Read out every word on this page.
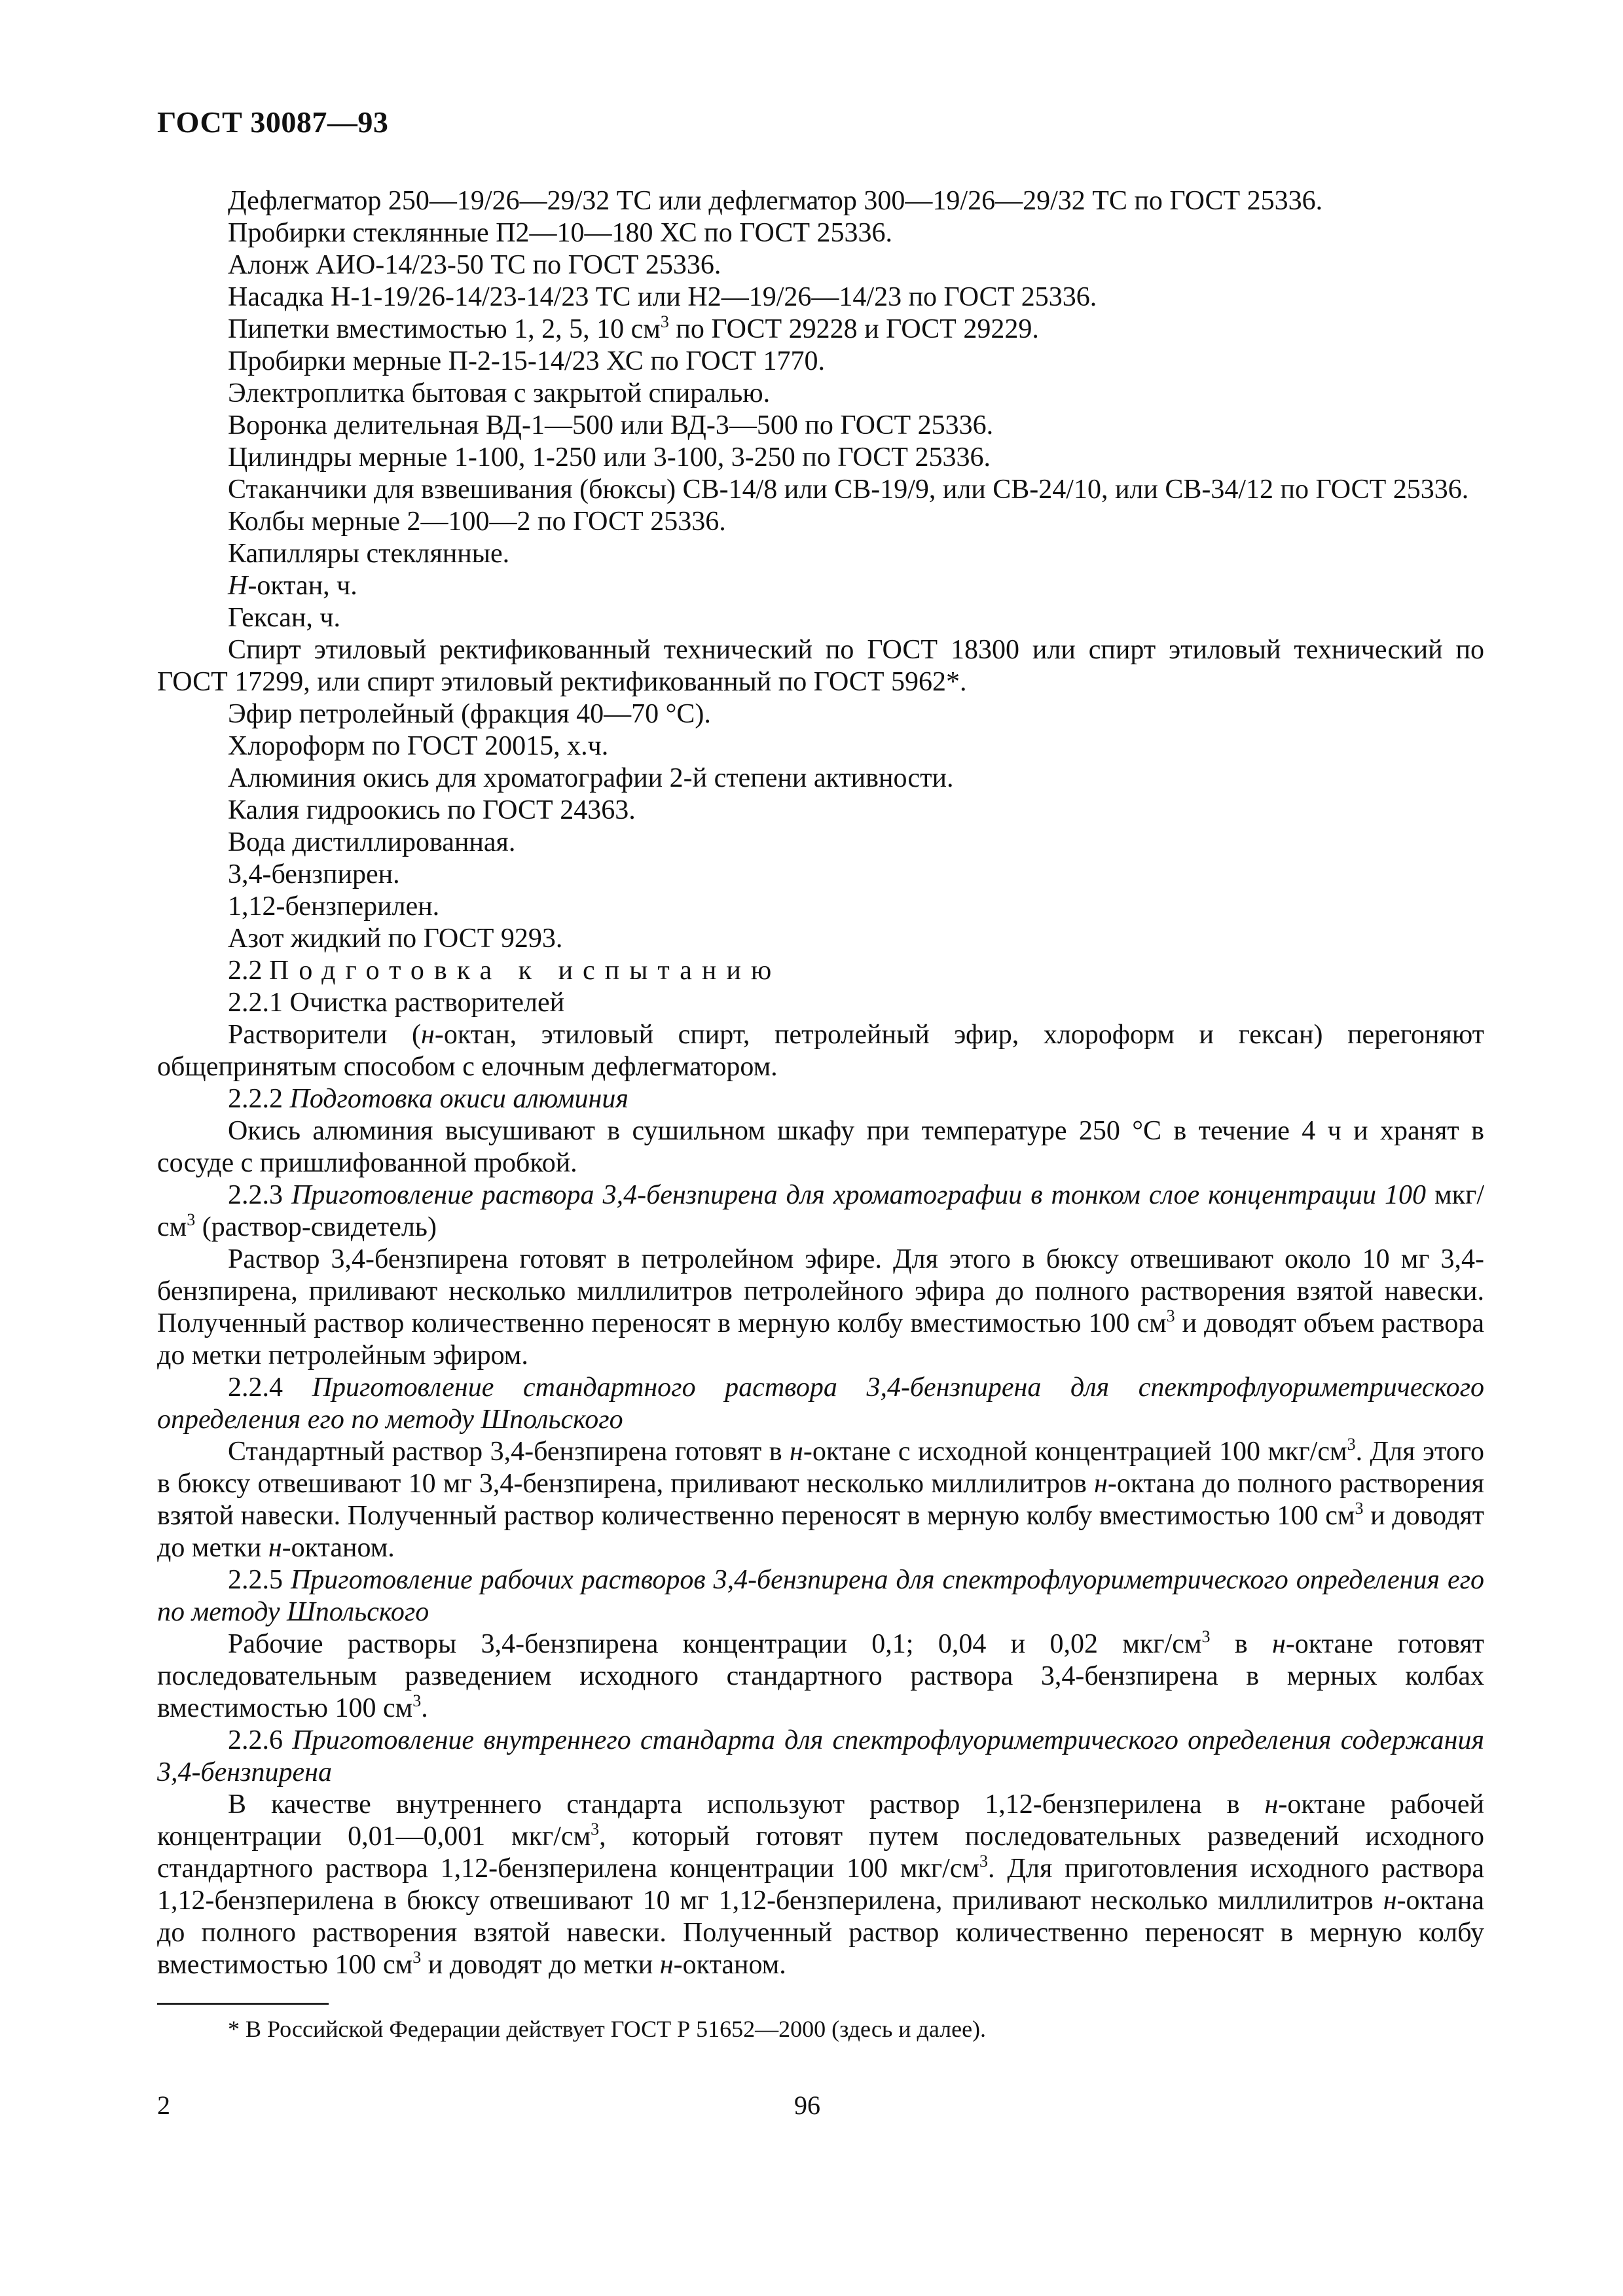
ГОСТ 30087—93

Дефлегматор 250—19/26—29/32 ТС или дефлегматор 300—19/26—29/32 ТС по ГОСТ 25336.

Пробирки стеклянные П2—10—180 ХС по ГОСТ 25336.

Алонж АИО-14/23-50 ТС по ГОСТ 25336.

Насадка Н-1-19/26-14/23-14/23 ТС или Н2—19/26—14/23 по ГОСТ 25336.

Пипетки вместимостью 1, 2, 5, 10 $см^3$ по ГОСТ 29228 и ГОСТ 29229.

Пробирки мерные П-2-15-14/23 ХС по ГОСТ 1770.

Электроплитка бытовая с закрытой спиралью.

Воронка делительная ВД-1—500 или ВД-3—500 по ГОСТ 25336.

Цилиндры мерные 1-100, 1-250 или 3-100, 3-250 по ГОСТ 25336.

Стаканчики для взвешивания (бюксы) СВ-14/8 или СВ-19/9, или СВ-24/10, или СВ-34/12 по ГОСТ 25336.

Колбы мерные 2—100—2 по ГОСТ 25336.

Капилляры стеклянные.

Н-октан, ч.

Гексан, ч.

Спирт этиловый ректификованный технический по ГОСТ 18300 или спирт этиловый технический по ГОСТ 17299, или спирт этиловый ректификованный по ГОСТ 5962*.

Эфир петролейный (фракция 40—70 °С).

Хлороформ по ГОСТ 20015, х.ч.

Алюминия окись для хроматографии 2-й степени активности.

Калия гидроокись по ГОСТ 24363.

Вода дистиллированная.

3,4-бензпирен.

1,12-бензперилен.

Азот жидкий по ГОСТ 9293.

2.2 Подготовка к испытанию

2.2.1 Очистка растворителей

Растворители (н-октан, этиловый спирт, петролейный эфир, хлороформ и гексан) перегоняют общепринятым способом с елочным дефлегматором.

2.2.2 Подготовка окиси алюминия

Окись алюминия высушивают в сушильном шкафу при температуре 250 °С в течение 4 ч и хранят в сосуде с пришлифованной пробкой.

2.2.3 Приготовление раствора 3,4-бензпирена для хроматографии в тонком слое концентрации 100 мкг/$см^3$ (раствор-свидетель)

Раствор 3,4-бензпирена готовят в петролейном эфире. Для этого в бюксу отвешивают около 10 мг 3,4-бензпирена, приливают несколько миллилитров петролейного эфира до полного растворения взятой навески. Полученный раствор количественно переносят в мерную колбу вместимостью 100 $см^3$ и доводят объем раствора до метки петролейным эфиром.

2.2.4 Приготовление стандартного раствора 3,4-бензпирена для спектрофлуориметрического определения его по методу Шпольского

Стандартный раствор 3,4-бензпирена готовят в н-октане с исходной концентрацией 100 мкг/$см^3$. Для этого в бюксу отвешивают 10 мг 3,4-бензпирена, приливают несколько миллилитров н-октана до полного растворения взятой навески. Полученный раствор количественно переносят в мерную колбу вместимостью 100 $см^3$ и доводят до метки н-октаном.

2.2.5 Приготовление рабочих растворов 3,4-бензпирена для спектрофлуориметрического определения его по методу Шпольского

Рабочие растворы 3,4-бензпирена концентрации 0,1; 0,04 и 0,02 мкг/$см^3$ в н-октане готовят последовательным разведением исходного стандартного раствора 3,4-бензпирена в мерных колбах вместимостью 100 $см^3$.

2.2.6 Приготовление внутреннего стандарта для спектрофлуориметрического определения содержания 3,4-бензпирена

В качестве внутреннего стандарта используют раствор 1,12-бензперилена в н-октане рабочей концентрации 0,01—0,001 мкг/$см^3$, который готовят путем последовательных разведений исходного стандартного раствора 1,12-бензперилена концентрации 100 мкг/$см^3$. Для приготовления исходного раствора 1,12-бензперилена в бюксу отвешивают 10 мг 1,12-бензперилена, приливают несколько миллилитров н-октана до полного растворения взятой навески. Полученный раствор количественно переносят в мерную колбу вместимостью 100 $см^3$ и доводят до метки н-октаном.

* В Российской Федерации действует ГОСТ Р 51652—2000 (здесь и далее).
2	96
